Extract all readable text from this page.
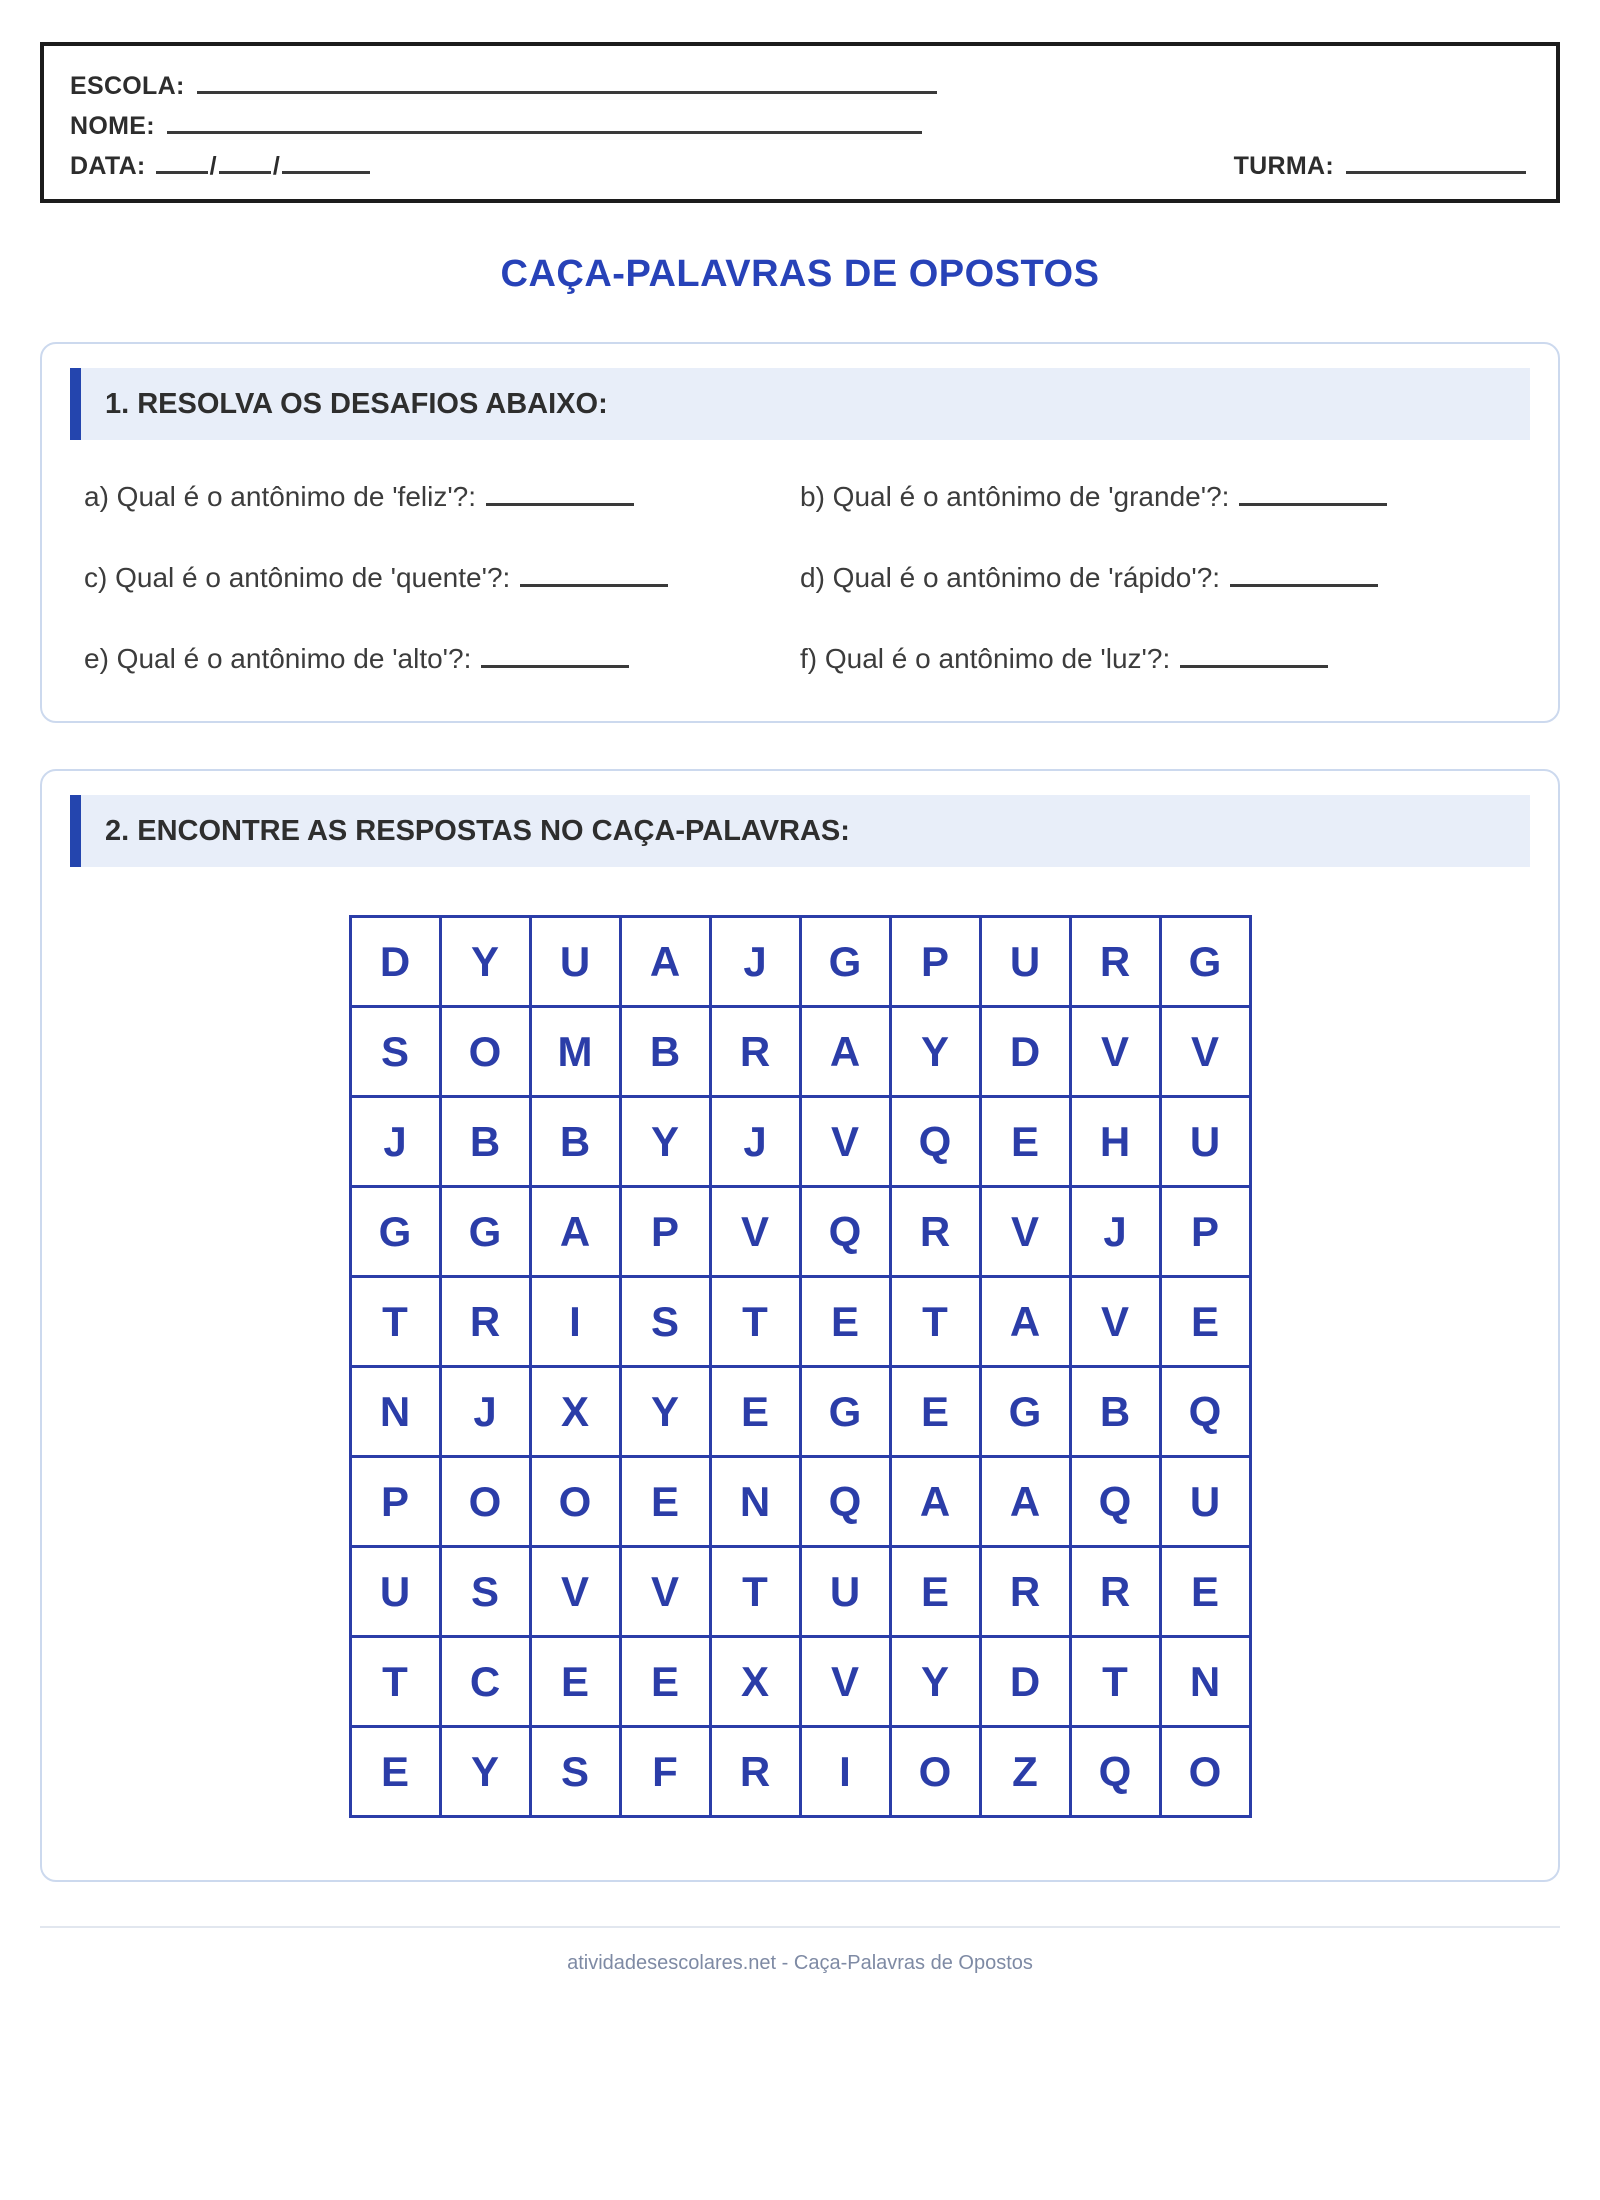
ESCOLA:
NOME:
DATA:	/ /	TURMA:
CAÇA-PALAVRAS DE OPOSTOS
1. RESOLVA OS DESAFIOS ABAIXO:
a) Qual é o antônimo de 'feliz'?:	b) Qual é o antônimo de 'grande'?:
c) Qual é o antônimo de 'quente'?:	d) Qual é o antônimo de 'rápido'?:
e) Qual é o antônimo de 'alto'?:	f) Qual é o antônimo de 'luz'?:
2. ENCONTRE AS RESPOSTAS NO CAÇA-PALAVRAS:
D	Y	U	A	J	G	P	U	R	G
S	O	M	B	R	A	Y	D	V	V
J	B	B	Y	J	V	Q	E	H	U
G	G	A	P	V	Q	R	V	J	P
T	R	I	S	T	E	T	A	V	E
N	J	X	Y	E	G	E	G	B	Q
P	O	O	E	N	Q	A	A	Q	U
U	S	V	V	T	U	E	R	R	E
T	C	E	E	X	V	Y	D	T	N
E	Y	S	F	R	I	O	Z	Q	O
atividadesescolares.net - Caça-Palavras de Opostos
